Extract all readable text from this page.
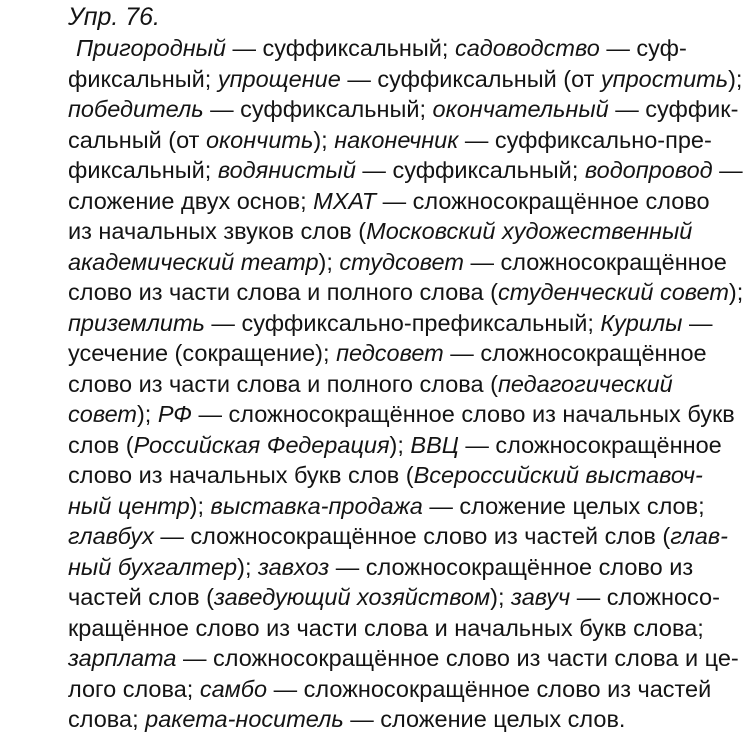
Упр. 76.
Пригородный — суффиксальный; садоводство — суф-
фиксальный; упрощение — суффиксальный (от упростить);
победитель — суффиксальный; окончательный — суффик-
сальный (от окончить); наконечник — суффиксально-пре-
фиксальный; водянистый — суффиксальный; водопровод —
сложение двух основ; МХАТ — сложносокращённое слово
из начальных звуков слов (Московский художественный
академический театр); студсовет — сложносокращённое
слово из части слова и полного слова (студенческий совет);
приземлить — суффиксально-префиксальный; Курилы —
усечение (сокращение); педсовет — сложносокращённое
слово из части слова и полного слова (педагогический
совет); РФ — сложносокращённое слово из начальных букв
слов (Российская Федерация); ВВЦ — сложносокращённое
слово из начальных букв слов (Всероссийский выставоч-
ный центр); выставка-продажа — сложение целых слов;
главбух — сложносокращённое слово из частей слов (глав-
ный бухгалтер); завхоз — сложносокращённое слово из
частей слов (заведующий хозяйством); завуч — сложносо-
кращённое слово из части слова и начальных букв слова;
зарплата — сложносокращённое слово из части слова и це-
лого слова; самбо — сложносокращённое слово из частей
слова; ракета-носитель — сложение целых слов.
